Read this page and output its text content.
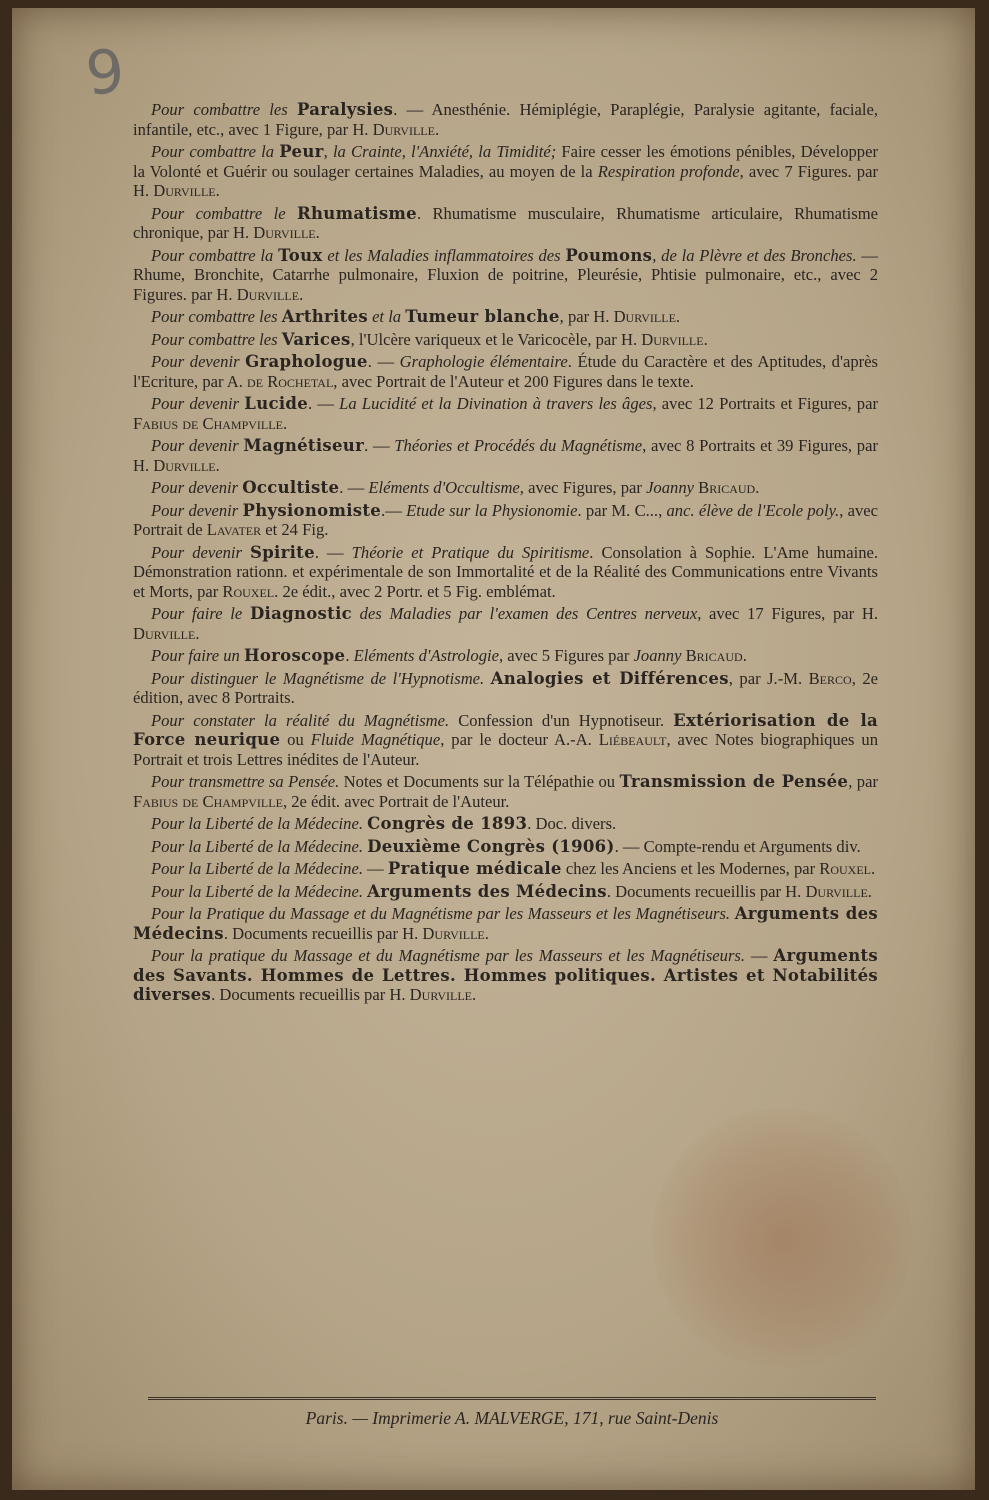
9	Pour combattre les Paralysies. — Anesthénie. Hémiplégie, Paraplégie, Paralysie agitante, faciale, infantile, etc., avec 1 Figure, par H. Durville.

Pour combattre la Peur, la Crainte, l'Anxiété, la Timidité; Faire cesser les émotions pénibles, Développer la Volonté et Guérir ou soulager certaines Maladies, au moyen de la Respiration profonde, avec 7 Figures. par H. Durville.

Pour combattre le Rhumatisme. Rhumatisme musculaire, Rhumatisme articulaire, Rhumatisme chronique, par H. Durville.

Pour combattre la Toux et les Maladies inflammatoires des Poumons, de la Plèvre et des Bronches. — Rhume, Bronchite, Catarrhe pulmonaire, Fluxion de poitrine, Pleurésie, Phtisie pulmonaire, etc., avec 2 Figures. par H. Durville.

Pour combattre les Arthrites et la Tumeur blanche, par H. Durville.

Pour combattre les Varices, l'Ulcère variqueux et le Varicocèle, par H. Durville.

Pour devenir Graphologue. — Graphologie élémentaire. Étude du Caractère et des Aptitudes, d'après l'Ecriture, par A. de Rochetal, avec Portrait de l'Auteur et 200 Figures dans le texte.

Pour devenir Lucide. — La Lucidité et la Divination à travers les âges, avec 12 Portraits et Figures, par Fabius de Champville.

Pour devenir Magnétiseur. — Théories et Procédés du Magnétisme, avec 8 Portraits et 39 Figures, par H. Durville.

Pour devenir Occultiste. — Eléments d'Occultisme, avec Figures, par Joanny Bricaud.

Pour devenir Physionomiste.— Etude sur la Physionomie. par M. C..., anc. élève de l'Ecole poly., avec Portrait de Lavater et 24 Fig.

Pour devenir Spirite. — Théorie et Pratique du Spiritisme. Consolation à Sophie. L'Ame humaine. Démonstration rationn. et expérimentale de son Immortalité et de la Réalité des Communications entre Vivants et Morts, par Rouxel. 2e édit., avec 2 Portr. et 5 Fig. emblémat.

Pour faire le Diagnostic des Maladies par l'examen des Centres nerveux, avec 17 Figures, par H. Durville.

Pour faire un Horoscope. Eléments d'Astrologie, avec 5 Figures par Joanny Bricaud.

Pour distinguer le Magnétisme de l'Hypnotisme. Analogies et Différences, par J.-M. Berco, 2e édition, avec 8 Portraits.

Pour constater la réalité du Magnétisme. Confession d'un Hypnotiseur. Extériorisation de la Force neurique ou Fluide Magnétique, par le docteur A.-A. Liébeault, avec Notes biographiques un Portrait et trois Lettres inédites de l'Auteur.

Pour transmettre sa Pensée. Notes et Documents sur la Télépathie ou Transmission de Pensée, par Fabius de Champville, 2e édit. avec Portrait de l'Auteur.

Pour la Liberté de la Médecine. Congrès de 1893. Doc. divers.

Pour la Liberté de la Médecine. Deuxième Congrès (1906). — Compte-rendu et Arguments div.

Pour la Liberté de la Médecine. — Pratique médicale chez les Anciens et les Modernes, par Rouxel.

Pour la Liberté de la Médecine. Arguments des Médecins. Documents recueillis par H. Durville.

Pour la Pratique du Massage et du Magnétisme par les Masseurs et les Magnétiseurs. Arguments des Médecins. Documents recueillis par H. Durville.

Pour la pratique du Massage et du Magnétisme par les Masseurs et les Magnétiseurs. — Arguments des Savants. Hommes de Lettres. Hommes politiques. Artistes et Notabilités diverses. Documents recueillis par H. Durville.

Paris. — Imprimerie A. MALVERGE, 171, rue Saint-Denis
